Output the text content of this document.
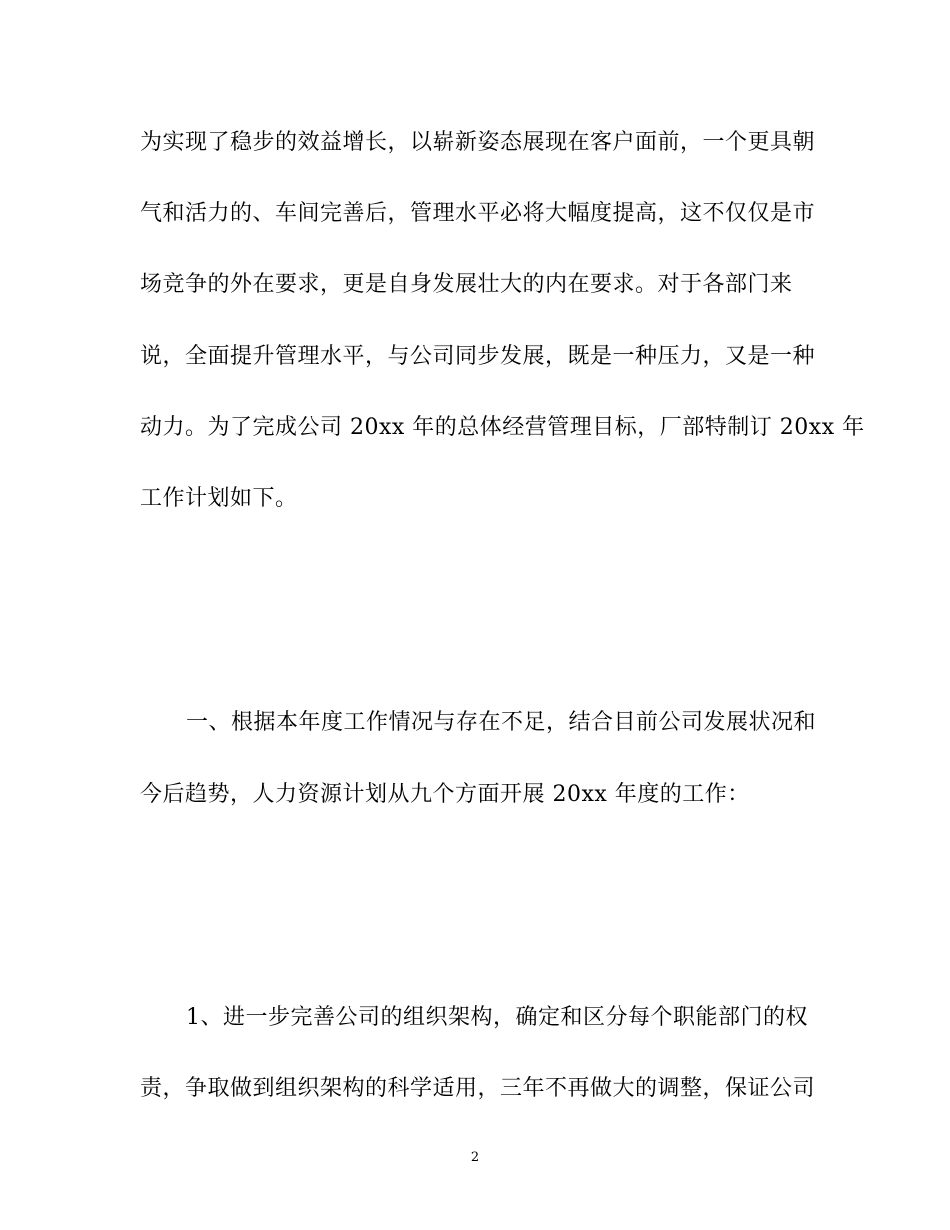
为实现了稳步的效益增长，以崭新姿态展现在客户面前，一个更具朝
气和活力的、车间完善后，管理水平必将大幅度提高，这不仅仅是市
场竞争的外在要求，更是自身发展壮大的内在要求。对于各部门来
说，全面提升管理水平，与公司同步发展，既是一种压力，又是一种
动力。为了完成公司 20xx 年的总体经营管理目标，厂部特制订 20xx 年
工作计划如下。
一、根据本年度工作情况与存在不足，结合目前公司发展状况和
今后趋势，人力资源计划从九个方面开展 20xx 年度的工作：
1、进一步完善公司的组织架构，确定和区分每个职能部门的权
责，争取做到组织架构的科学适用，三年不再做大的调整，保证公司
2
